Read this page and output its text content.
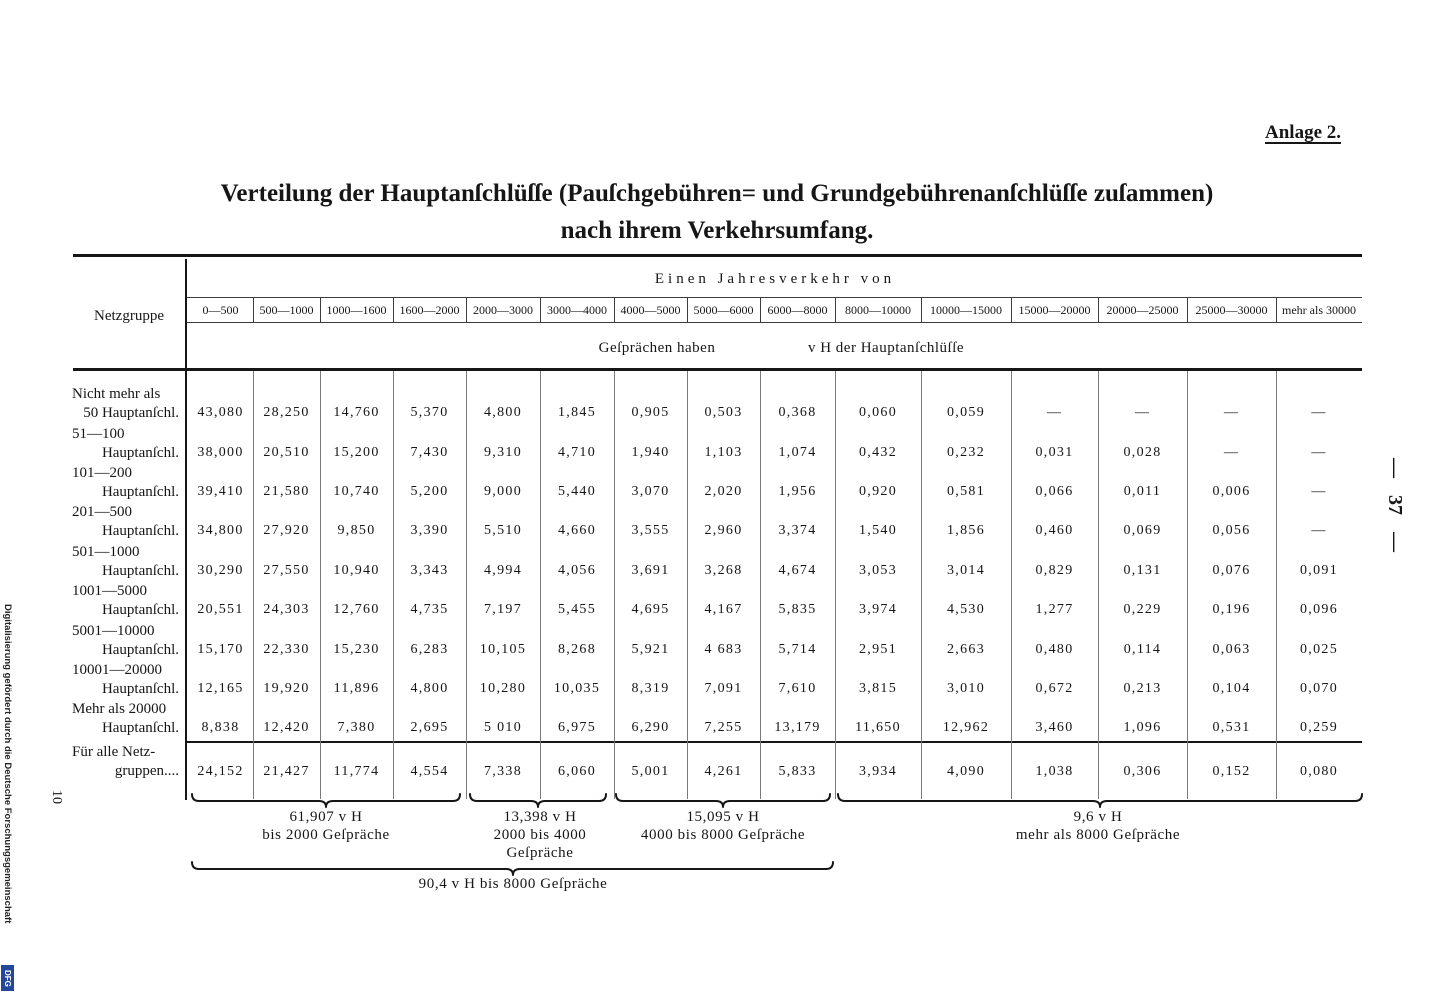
Anlage 2.
Verteilung der Hauptanſchlüſſe (Pauſchgebühren= und Grundgebührenanſchlüſſe zuſammen)
nach ihrem Verkehrsumfang.
Netzgruppe
Einen Jahresverkehr von
Geſprächen haben	v H der Hauptanſchlüſſe
61,907 v H
bis 2000 Geſpräche
13,398 v H
2000 bis 4000
Geſpräche
15,095 v H
4000 bis 8000 Geſpräche
9,6 v H
mehr als 8000 Geſpräche
90,4 v H bis 8000 Geſpräche
— 37 —
10
Digitalisierung gefördert durch die Deutsche Forschungsgemeinschaft
DFG
0—500	500—1000	1000—1600	1600—2000	2000—3000	3000—4000	4000—5000	5000—6000	6000—8000	8000—10000	10000—15000	15000—20000	20000—25000	25000—30000	mehr als 30000
Nicht mehr als
50 Hauptanſchl.	43,080	28,250	14,760	5,370	4,800	1,845	0,905	0,503	0,368	0,060	0,059	—	—	—	—
51—100
Hauptanſchl.	38,000	20,510	15,200	7,430	9,310	4,710	1,940	1,103	1,074	0,432	0,232	0,031	0,028	—	—
101—200
Hauptanſchl.	39,410	21,580	10,740	5,200	9,000	5,440	3,070	2,020	1,956	0,920	0,581	0,066	0,011	0,006	—
201—500
Hauptanſchl.	34,800	27,920	9,850	3,390	5,510	4,660	3,555	2,960	3,374	1,540	1,856	0,460	0,069	0,056	—
501—1000
Hauptanſchl.	30,290	27,550	10,940	3,343	4,994	4,056	3,691	3,268	4,674	3,053	3,014	0,829	0,131	0,076	0,091
1001—5000
Hauptanſchl.	20,551	24,303	12,760	4,735	7,197	5,455	4,695	4,167	5,835	3,974	4,530	1,277	0,229	0,196	0,096
5001—10000
Hauptanſchl.	15,170	22,330	15,230	6,283	10,105	8,268	5,921	4 683	5,714	2,951	2,663	0,480	0,114	0,063	0,025
10001—20000
Hauptanſchl.	12,165	19,920	11,896	4,800	10,280	10,035	8,319	7,091	7,610	3,815	3,010	0,672	0,213	0,104	0,070
Mehr als 20000
Hauptanſchl.	8,838	12,420	7,380	2,695	5 010	6,975	6,290	7,255	13,179	11,650	12,962	3,460	1,096	0,531	0,259
Für alle Netz-
gruppen....	24,152	21,427	11,774	4,554	7,338	6,060	5,001	4,261	5,833	3,934	4,090	1,038	0,306	0,152	0,080
